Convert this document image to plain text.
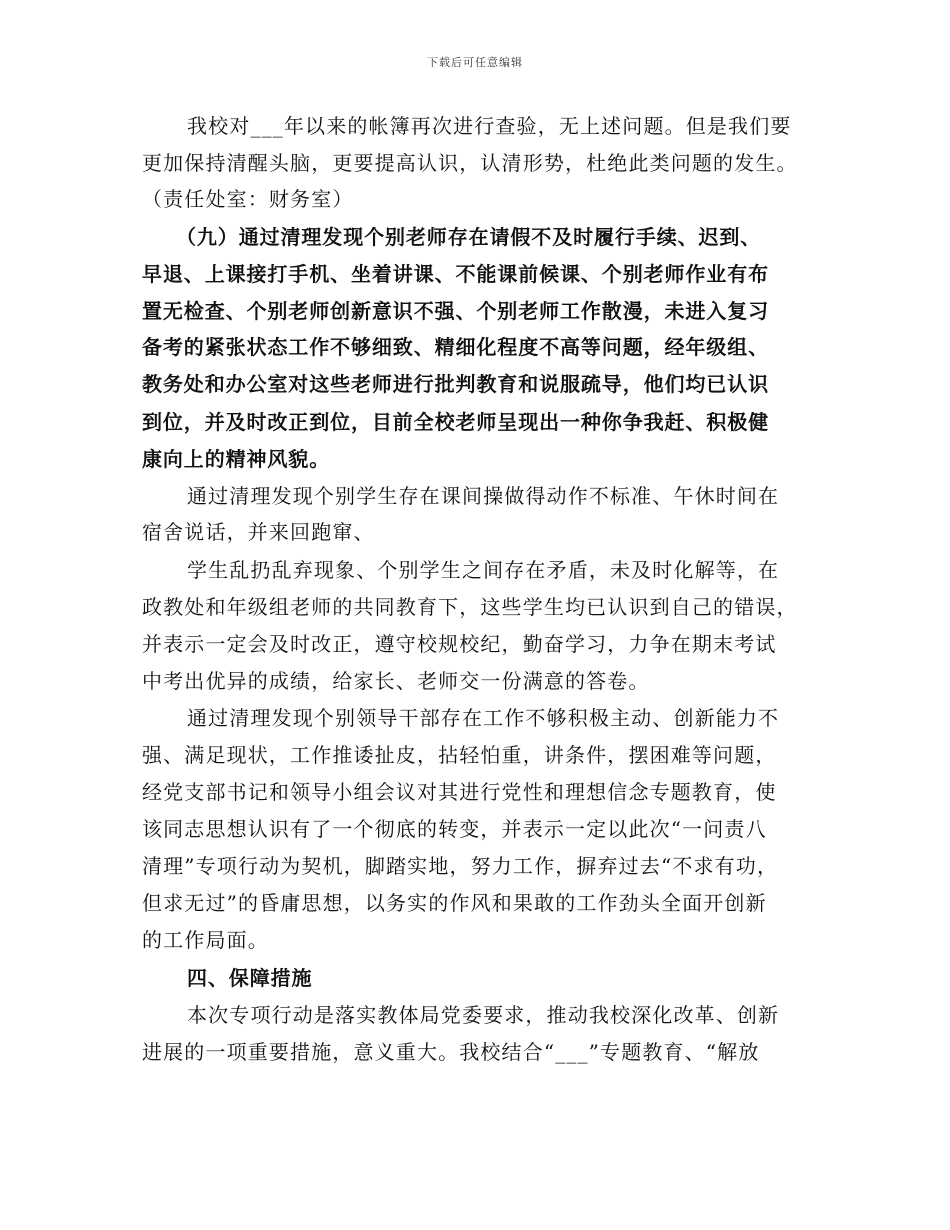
下载后可任意编辑
我校对___年以来的帐簿再次进行查验，无上述问题。但是我们要
更加保持清醒头脑，更要提高认识，认清形势，杜绝此类问题的发生。
（责任处室：财务室）
（九）通过清理发现个别老师存在请假不及时履行手续、迟到、
早退、上课接打手机、坐着讲课、不能课前候课、个别老师作业有布
置无检查、个别老师创新意识不强、个别老师工作散漫，未进入复习
备考的紧张状态工作不够细致、精细化程度不高等问题，经年级组、
教务处和办公室对这些老师进行批判教育和说服疏导，他们均已认识
到位，并及时改正到位，目前全校老师呈现出一种你争我赶、积极健
康向上的精神风貌。
通过清理发现个别学生存在课间操做得动作不标准、午休时间在
宿舍说话，并来回跑窜、
学生乱扔乱弃现象、个别学生之间存在矛盾，未及时化解等，在
政教处和年级组老师的共同教育下，这些学生均已认识到自己的错误，
并表示一定会及时改正，遵守校规校纪，勤奋学习，力争在期末考试
中考出优异的成绩，给家长、老师交一份满意的答卷。
通过清理发现个别领导干部存在工作不够积极主动、创新能力不
强、满足现状，工作推诿扯皮，拈轻怕重，讲条件，摆困难等问题，
经党支部书记和领导小组会议对其进行党性和理想信念专题教育，使
该同志思想认识有了一个彻底的转变，并表示一定以此次“一问责八
清理”专项行动为契机，脚踏实地，努力工作，摒弃过去“不求有功，
但求无过”的昏庸思想，以务实的作风和果敢的工作劲头全面开创新
的工作局面。
四、保障措施
本次专项行动是落实教体局党委要求，推动我校深化改革、创新
进展的一项重要措施，意义重大。我校结合“___”专题教育、“解放
